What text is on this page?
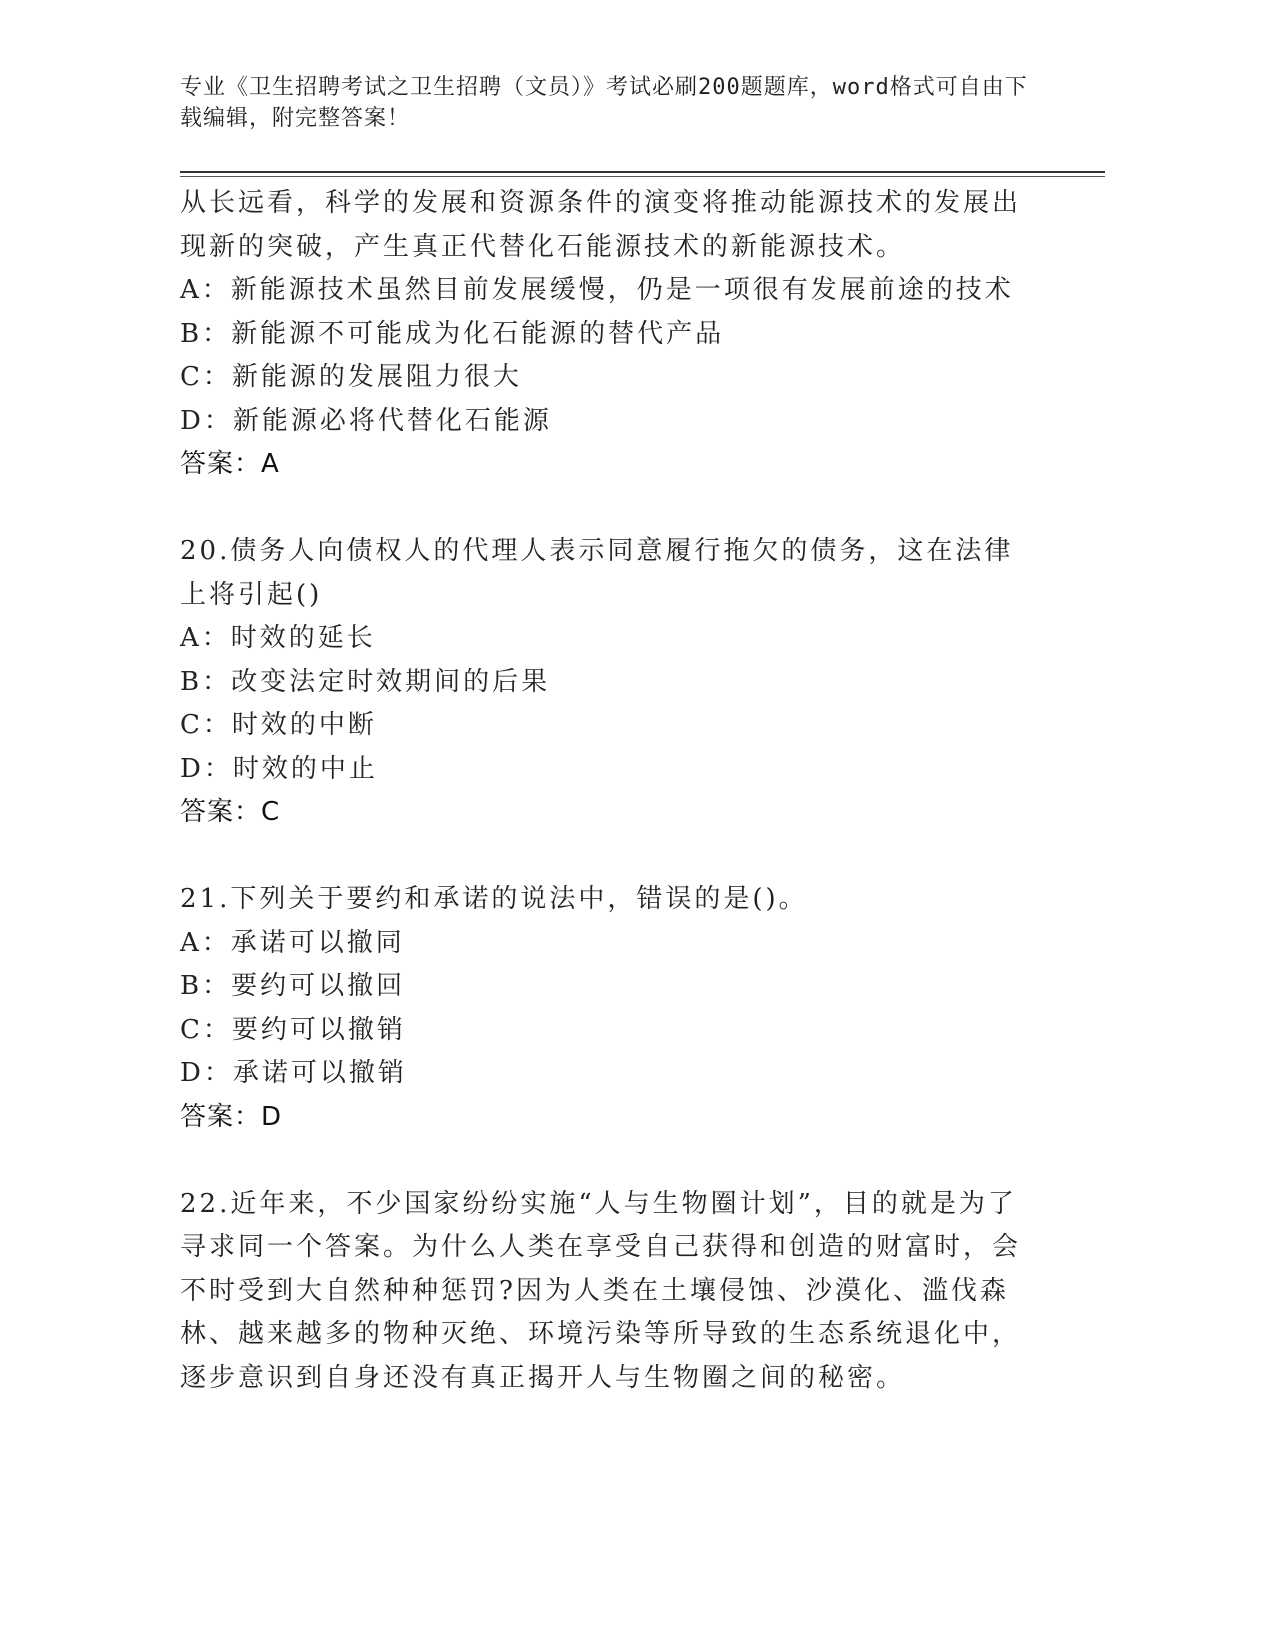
专业《卫生招聘考试之卫生招聘（文员）》考试必刷200题题库，word格式可自由下载编辑，附完整答案！
从长远看，科学的发展和资源条件的演变将推动能源技术的发展出现新的突破，产生真正代替化石能源技术的新能源技术。
A：新能源技术虽然目前发展缓慢，仍是一项很有发展前途的技术
B：新能源不可能成为化石能源的替代产品
C：新能源的发展阻力很大
D：新能源必将代替化石能源
答案：A
20.债务人向债权人的代理人表示同意履行拖欠的债务，这在法律上将引起()
A：时效的延长
B：改变法定时效期间的后果
C：时效的中断
D：时效的中止
答案：C
21.下列关于要约和承诺的说法中，错误的是()。
A：承诺可以撤同
B：要约可以撤回
C：要约可以撤销
D：承诺可以撤销
答案：D
22.近年来，不少国家纷纷实施“人与生物圈计划”，目的就是为了寻求同一个答案。为什么人类在享受自己获得和创造的财富时，会不时受到大自然种种惩罚?因为人类在土壤侵蚀、沙漠化、滥伐森林、越来越多的物种灭绝、环境污染等所导致的生态系统退化中，逐步意识到自身还没有真正揭开人与生物圈之间的秘密。
